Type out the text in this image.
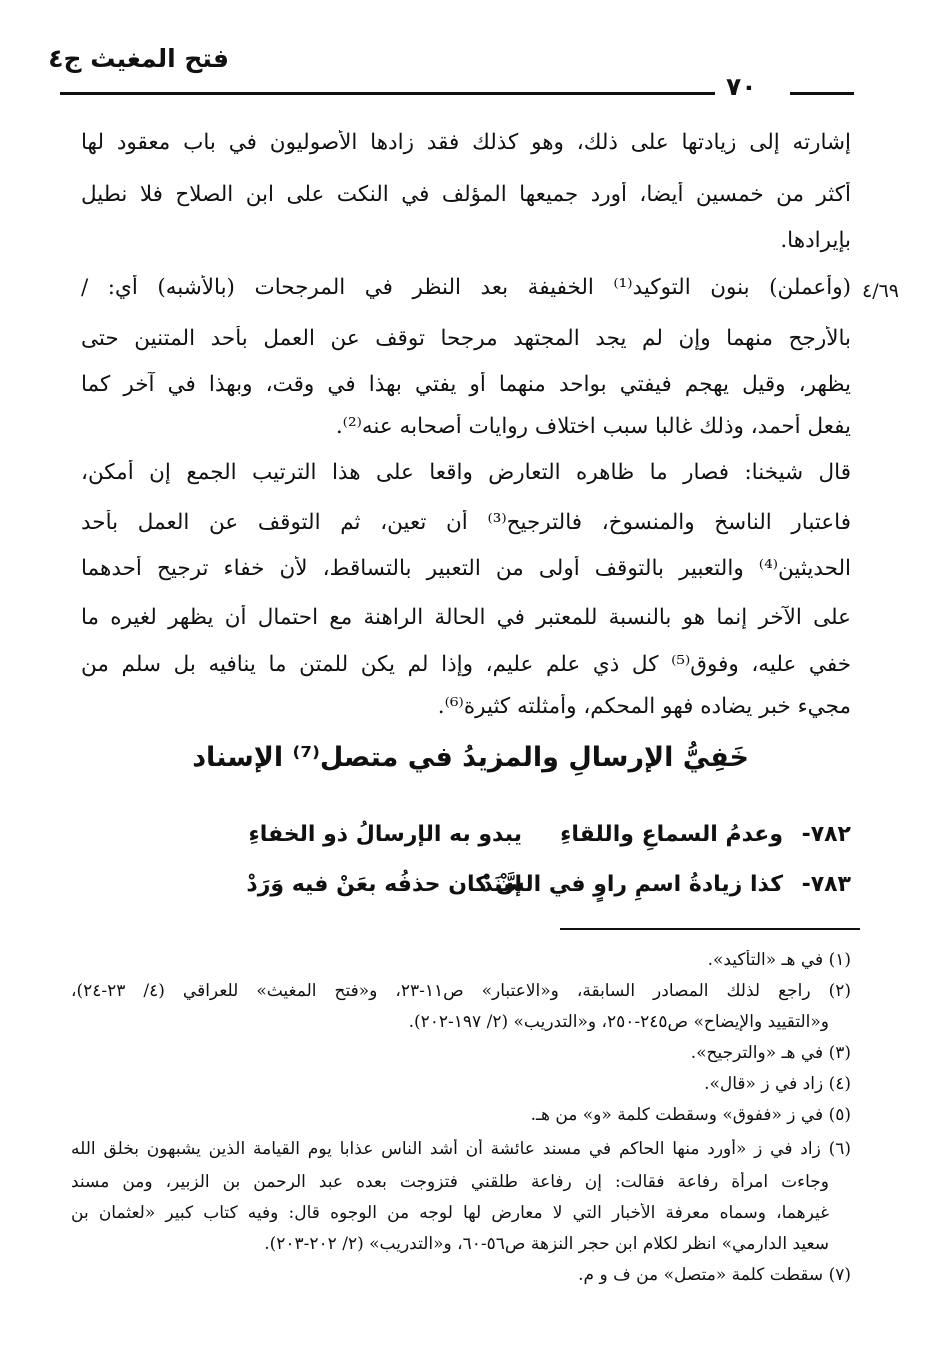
فتح المغيث ج٤
٧٠
إشارته إلى زيادتها على ذلك، وهو كذلك فقد زادها الأصوليون في باب معقود لها
أكثر من خمسين أيضا، أورد جميعها المؤلف في النكت على ابن الصلاح فلا نطيل
بإيرادها.
(وأعملن) بنون التوكيد⁽¹⁾ الخفيفة بعد النظر في المرجحات (بالأشبه) أي: /
بالأرجح منهما وإن لم يجد المجتهد مرجحا توقف عن العمل بأحد المتنين حتى
يظهر، وقيل يهجم فيفتي بواحد منهما أو يفتي بهذا في وقت، وبهذا في آخر كما
يفعل أحمد، وذلك غالبا سبب اختلاف روايات أصحابه عنه⁽²⁾.
قال شيخنا: فصار ما ظاهره التعارض واقعا على هذا الترتيب الجمع إن أمكن،
فاعتبار الناسخ والمنسوخ، فالترجيح⁽³⁾ أن تعين، ثم التوقف عن العمل بأحد
الحديثين⁽⁴⁾ والتعبير بالتوقف أولى من التعبير بالتساقط، لأن خفاء ترجيح أحدهما
على الآخر إنما هو بالنسبة للمعتبر في الحالة الراهنة مع احتمال أن يظهر لغيره ما
خفي عليه، وفوق⁽⁵⁾ كل ذي علم عليم، وإذا لم يكن للمتن ما ينافيه بل سلم من
مجيء خبر يضاده فهو المحكم، وأمثلته كثيرة⁽⁶⁾.
٤/٦٩
خَفِيُّ الإرسالِ والمزيدُ في متصل⁽⁷⁾ الإسناد
٧٨٢-
وعدمُ السماعِ واللقاءِ
يبدو به الإرسالُ ذو الخفاءِ
٧٨٣-
كذا زيادةُ اسمِ راوٍ في السَّنَدْ
إنْ كان حذفُه بعَنْ فيه وَرَدْ
(١) في هـ «التأكيد».
(٢) راجع لذلك المصادر السابقة، و«الاعتبار» ص١١-٢٣، و«فتح المغيث» للعراقي (٤/ ٢٣-٢٤)،
و«التقييد والإيضاح» ص٢٤٥-٢٥٠، و«التدريب» (٢/ ١٩٧-٢٠٢).
(٣) في هـ «والترجيح».
(٤) زاد في ز «قال».
(٥) في ز «ففوق» وسقطت كلمة «و» من هـ.
(٦) زاد في ز «أورد منها الحاكم في مسند عائشة أن أشد الناس عذابا يوم القيامة الذين يشبهون بخلق الله
وجاءت امرأة رفاعة فقالت: إن رفاعة طلقني فتزوجت بعده عبد الرحمن بن الزبير، ومن مسند
غيرهما، وسماه معرفة الأخبار التي لا معارض لها لوجه من الوجوه قال: وفيه كتاب كبير «لعثمان بن
سعيد الدارمي» انظر لكلام ابن حجر النزهة ص٥٦-٦٠، و«التدريب» (٢/ ٢٠٢-٢٠٣).
(٧) سقطت كلمة «متصل» من ف و م.
